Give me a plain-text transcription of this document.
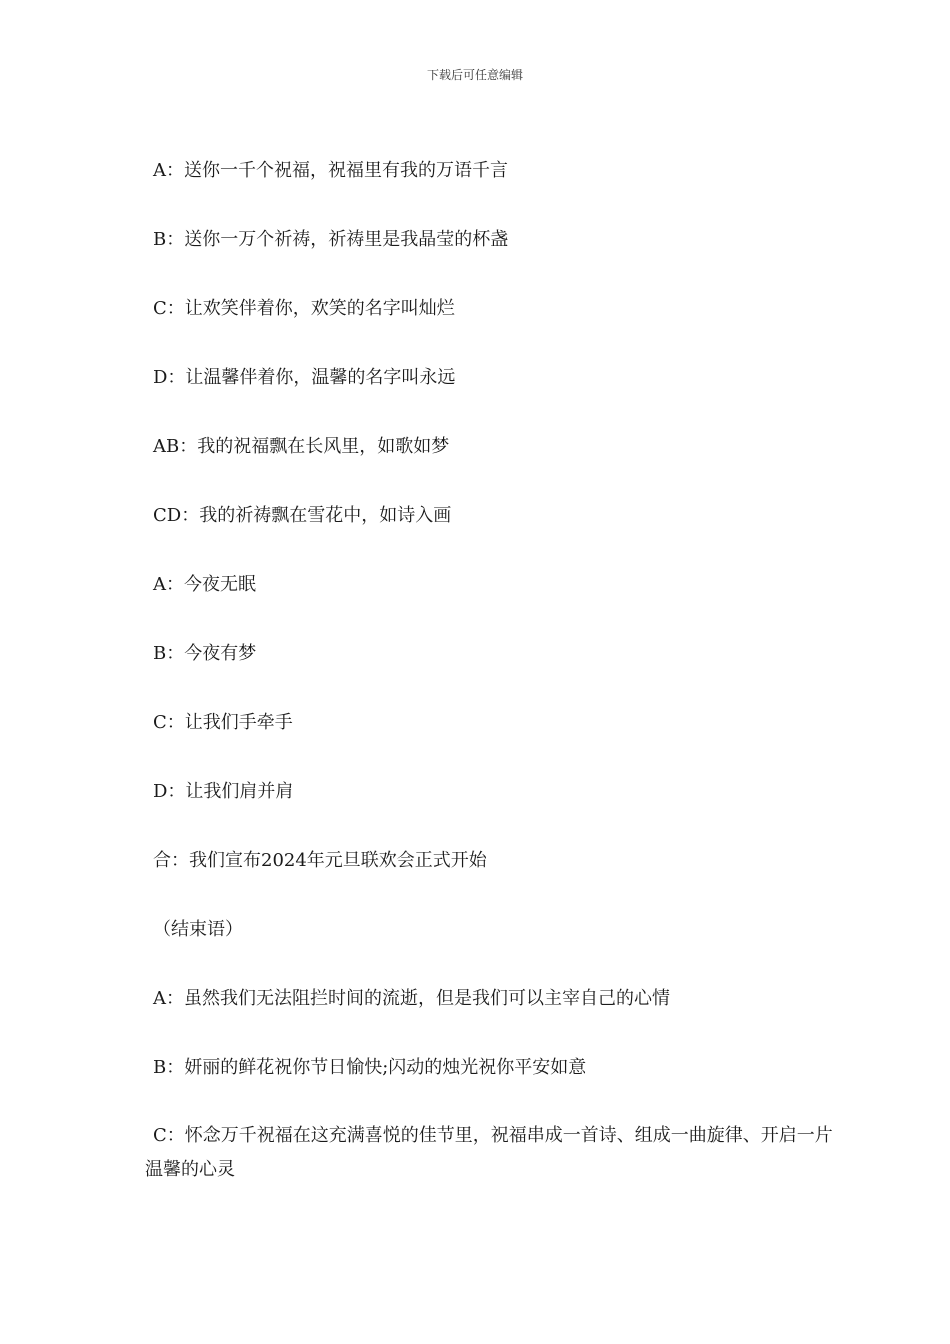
下载后可任意编辑
A：送你一千个祝福，祝福里有我的万语千言
B：送你一万个祈祷，祈祷里是我晶莹的杯盏
C：让欢笑伴着你，欢笑的名字叫灿烂
D：让温馨伴着你，温馨的名字叫永远
AB：我的祝福飘在长风里，如歌如梦
CD：我的祈祷飘在雪花中，如诗入画
A：今夜无眠
B：今夜有梦
C：让我们手牵手
D：让我们肩并肩
合：我们宣布2024年元旦联欢会正式开始
（结束语）
A：虽然我们无法阻拦时间的流逝，但是我们可以主宰自己的心情
B：妍丽的鲜花祝你节日愉快;闪动的烛光祝你平安如意
C：怀念万千祝福在这充满喜悦的佳节里，祝福串成一首诗、组成一曲旋律、开启一片温馨的心灵
